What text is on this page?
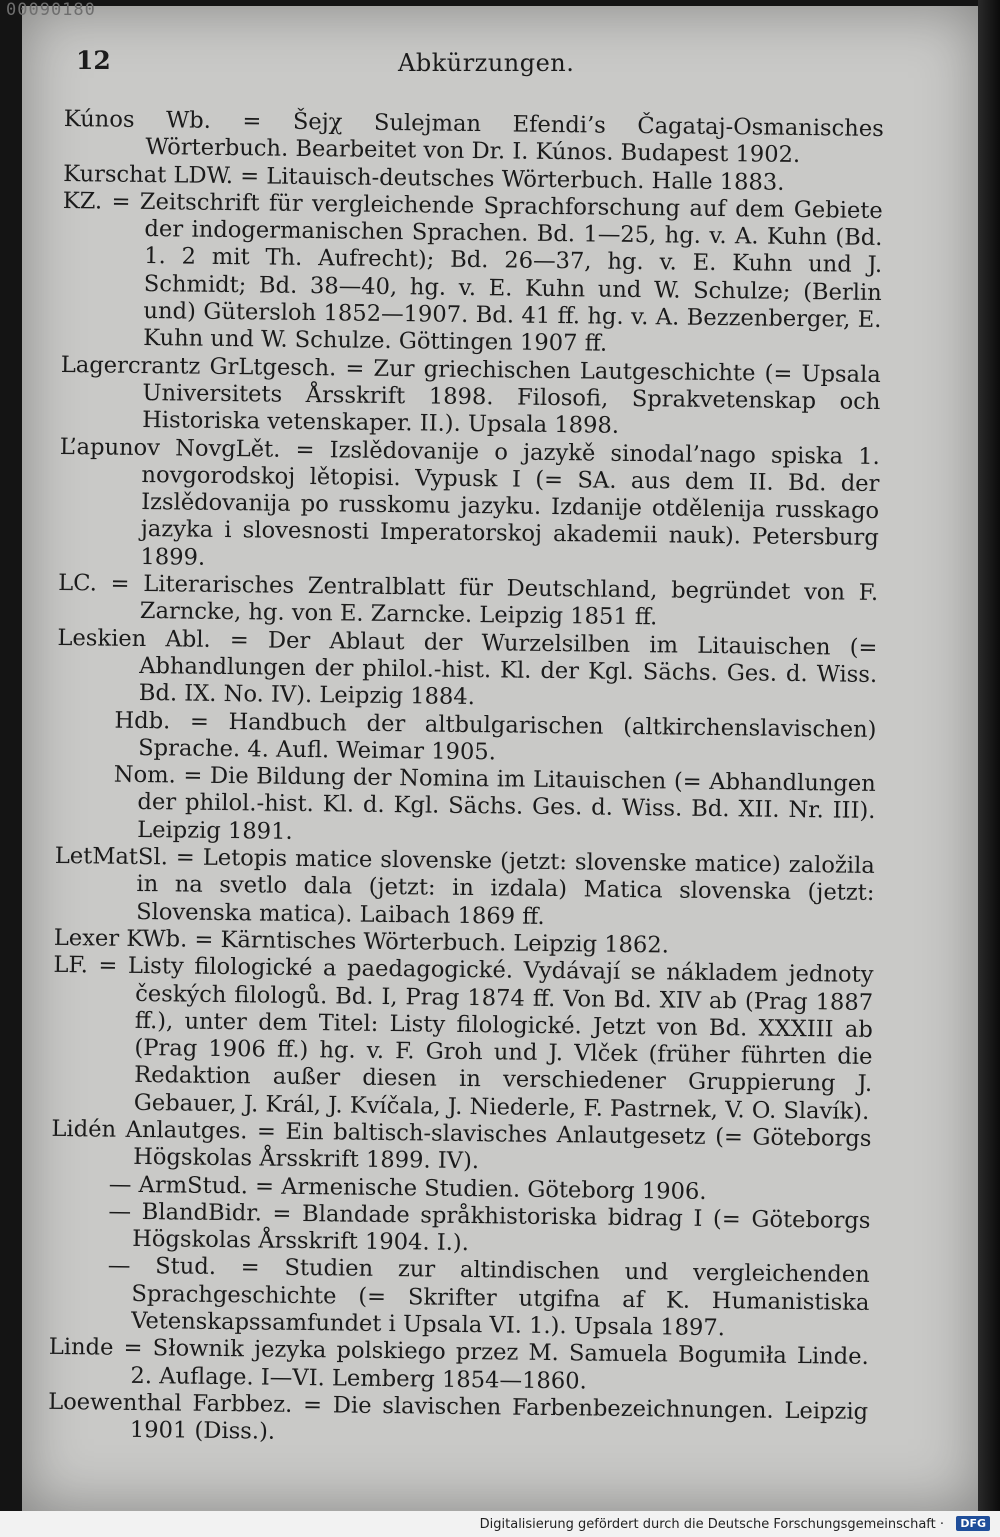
12	Abkürzungen.
Kúnos Wb. = Šejχ Sulejman Efendi’s Čagataj-Osmanisches Wörterbuch. Bearbeitet von Dr. I. Kúnos. Budapest 1902.
Kurschat LDW. = Litauisch-deutsches Wörterbuch. Halle 1883.
KZ. = Zeitschrift für vergleichende Sprachforschung auf dem Gebiete der indogermanischen Sprachen. Bd. 1—25, hg. v. A. Kuhn (Bd. 1. 2 mit Th. Aufrecht); Bd. 26—37, hg. v. E. Kuhn und J. Schmidt; Bd. 38—40, hg. v. E. Kuhn und W. Schulze; (Berlin und) Gütersloh 1852—1907. Bd. 41 ff. hg. v. A. Bezzenberger, E. Kuhn und W. Schulze. Göttingen 1907 ff.
Lagercrantz GrLtgesch. = Zur griechischen Lautgeschichte (= Upsala Universitets Årsskrift 1898. Filosofi, Sprakvetenskap och Historiska vetenskaper. II.). Upsala 1898.
L’apunov NovgLět. = Izslědovanije o jazykě sinodal’nago spiska 1. novgorodskoj lětopisi. Vypusk I (= SA. aus dem II. Bd. der Izslědovanija po russkomu jazyku. Izdanije otdělenija russkago jazyka i slovesnosti Imperatorskoj akademii nauk). Petersburg 1899.
LC. = Literarisches Zentralblatt für Deutschland, begründet von F. Zarncke, hg. von E. Zarncke. Leipzig 1851 ff.
Leskien Abl. = Der Ablaut der Wurzelsilben im Litauischen (= Abhandlungen der philol.-hist. Kl. der Kgl. Sächs. Ges. d. Wiss. Bd. IX. No. IV). Leipzig 1884.
Hdb. = Handbuch der altbulgarischen (altkirchenslavischen) Sprache. 4. Aufl. Weimar 1905.
Nom. = Die Bildung der Nomina im Litauischen (= Abhandlungen der philol.-hist. Kl. d. Kgl. Sächs. Ges. d. Wiss. Bd. XII. Nr. III). Leipzig 1891.
LetMatSl. = Letopis matice slovenske (jetzt: slovenske matice) založila in na svetlo dala (jetzt: in izdala) Matica slovenska (jetzt: Slovenska matica). Laibach 1869 ff.
Lexer KWb. = Kärntisches Wörterbuch. Leipzig 1862.
LF. = Listy filologické a paedagogické. Vydávají se nákladem jednoty českých filologů. Bd. I, Prag 1874 ff. Von Bd. XIV ab (Prag 1887 ff.), unter dem Titel: Listy filologické. Jetzt von Bd. XXXIII ab (Prag 1906 ff.) hg. v. F. Groh und J. Vlček (früher führten die Redaktion außer diesen in verschiedener Gruppierung J. Gebauer, J. Král, J. Kvíčala, J. Niederle, F. Pastrnek, V. O. Slavík).
Lidén Anlautges. = Ein baltisch-slavisches Anlautgesetz (= Göteborgs Högskolas Årsskrift 1899. IV).
— ArmStud. = Armenische Studien. Göteborg 1906.
— BlandBidr. = Blandade språkhistoriska bidrag I (= Göteborgs Högskolas Årsskrift 1904. I.).
— Stud. = Studien zur altindischen und vergleichenden Sprachgeschichte (= Skrifter utgifna af K. Humanistiska Vetenskapssamfundet i Upsala VI. 1.). Upsala 1897.
Linde = Słownik jezyka polskiego przez M. Samuela Bogumiła Linde. 2. Auflage. I—VI. Lemberg 1854—1860.
Loewenthal Farbbez. = Die slavischen Farbenbezeichnungen. Leipzig 1901 (Diss.).
00090180
Digitalisierung gefördert durch die Deutsche Forschungsgemeinschaft ·	DFG
